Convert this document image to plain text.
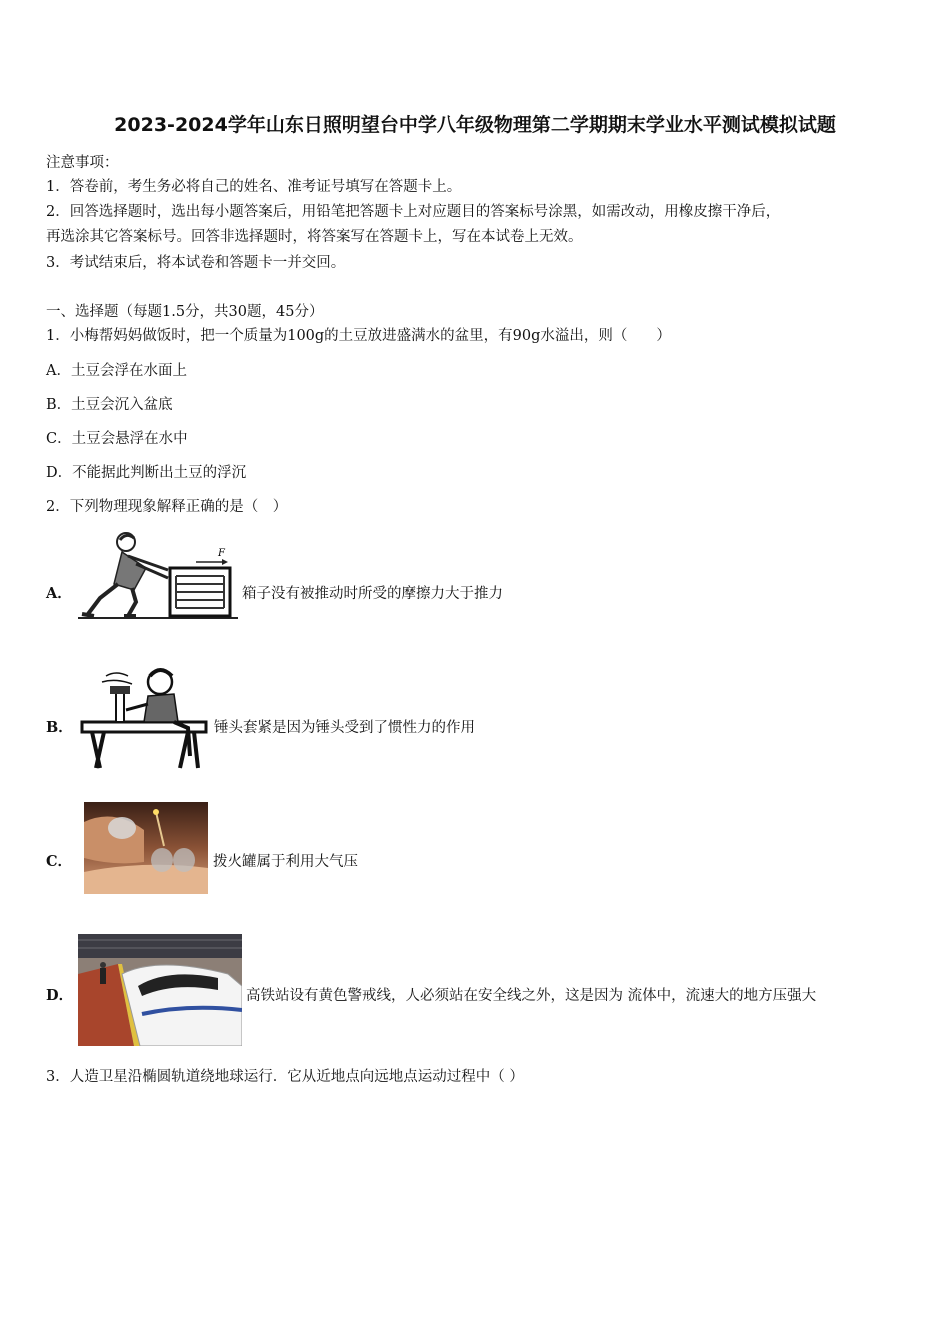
2023-2024学年山东日照明望台中学八年级物理第二学期期末学业水平测试模拟试题
注意事项：
1．答卷前，考生务必将自己的姓名、准考证号填写在答题卡上。
2．回答选择题时，选出每小题答案后，用铅笔把答题卡上对应题目的答案标号涂黑，如需改动，用橡皮擦干净后，
再选涂其它答案标号。回答非选择题时，将答案写在答题卡上，写在本试卷上无效。
3．考试结束后，将本试卷和答题卡一并交回。
一、选择题（每题1.5分，共30题，45分）
1．小梅帮妈妈做饭时，把一个质量为100g的土豆放进盛满水的盆里，有90g水溢出，则（　　）
A．土豆会浮在水面上
B．土豆会沉入盆底
C．土豆会悬浮在水中
D．不能据此判断出土豆的浮沉
2．下列物理现象解释正确的是（　）
A．
F
箱子没有被推动时所受的摩擦力大于推力
B．	锤头套紧是因为锤头受到了惯性力的作用
C．	拨火罐属于利用大气压
D．	高铁站设有黄色警戒线，人必须站在安全线之外，这是因为 流体中，流速大的地方压强大
3．人造卫星沿椭圆轨道绕地球运行．它从近地点向远地点运动过程中（ ）
